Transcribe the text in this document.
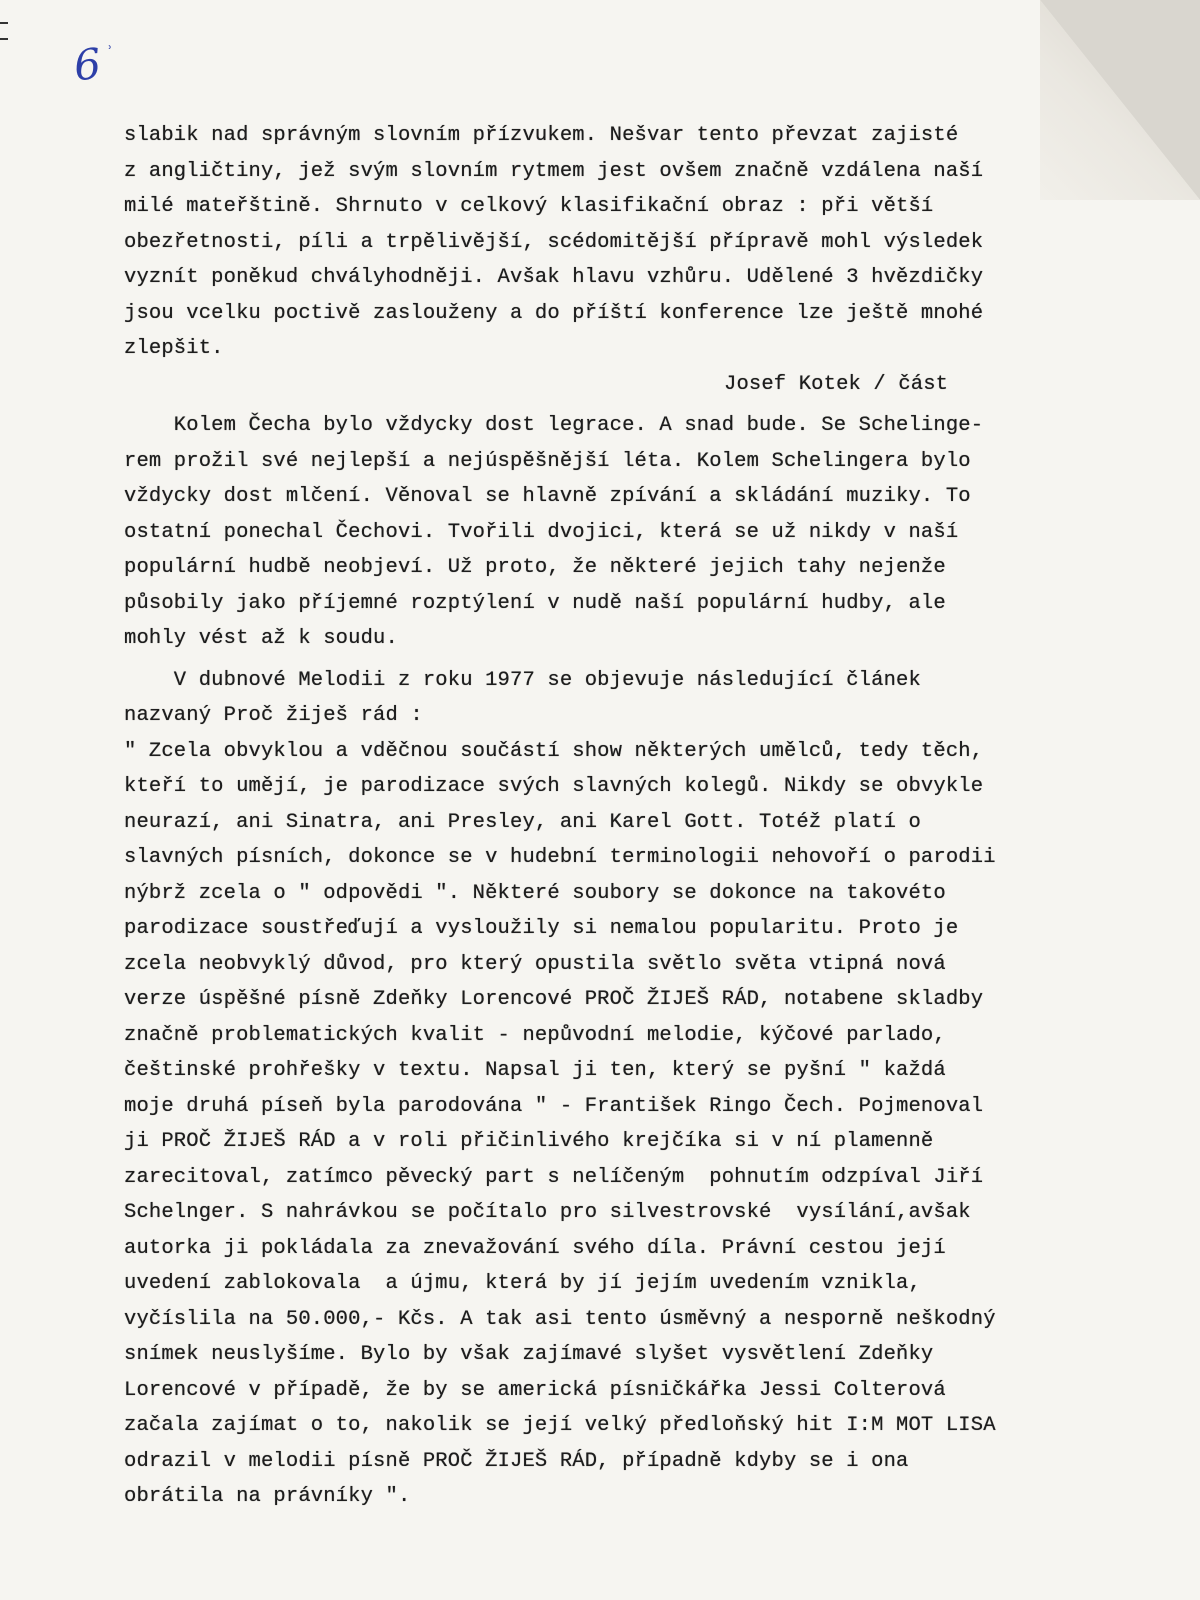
6 ʾ
slabik nad správným slovním přízvukem. Nešvar tento převzat zajisté
z angličtiny, jež svým slovním rytmem jest ovšem značně vzdálena naší
milé mateřštině. Shrnuto v celkový klasifikační obraz : při větší
obezřetnosti, píli a trpělivější, scédomitější přípravě mohl výsledek
vyznít poněkud chvályhodněji. Avšak hlavu vzhůru. Udělené 3 hvězdičky
jsou vcelku poctivě zaslouženy a do příští konference lze ještě mnohé
zlepšit.
Josef Kotek / část
Kolem Čecha bylo vždycky dost legrace. A snad bude. Se Schelinge-
rem prožil své nejlepší a nejúspěšnější léta. Kolem Schelingera bylo
vždycky dost mlčení. Věnoval se hlavně zpívání a skládání muziky. To
ostatní ponechal Čechovi. Tvořili dvojici, která se už nikdy v naší
populární hudbě neobjeví. Už proto, že některé jejich tahy nejenže
působily jako příjemné rozptýlení v nudě naší populární hudby, ale
mohly vést až k soudu.
V dubnové Melodii z roku 1977 se objevuje následující článek
nazvaný Proč žiješ rád :
" Zcela obvyklou a vděčnou součástí show některých umělců, tedy těch,
kteří to umějí, je parodizace svých slavných kolegů. Nikdy se obvykle
neurazí, ani Sinatra, ani Presley, ani Karel Gott. Totéž platí o
slavných písních, dokonce se v hudební terminologii nehovoří o parodii
nýbrž zcela o " odpovědi ". Některé soubory se dokonce na takovéto
parodizace soustřeďují a vysloužily si nemalou popularitu. Proto je
zcela neobvyklý důvod, pro který opustila světlo světa vtipná nová
verze úspěšné písně Zdeňky Lorencové PROČ ŽIJEŠ RÁD, notabene skladby
značně problematických kvalit - nepůvodní melodie, kýčové parlado,
češtinské prohřešky v textu. Napsal ji ten, který se pyšní " každá
moje druhá píseň byla parodována " - František Ringo Čech. Pojmenoval
ji PROČ ŽIJEŠ RÁD a v roli přičinlivého krejčíka si v ní plamenně
zarecitoval, zatímco pěvecký part s nelíčeným  pohnutím odzpíval Jiří
Schelnger. S nahrávkou se počítalo pro silvestrovské  vysílání,avšak
autorka ji pokládala za znevažování svého díla. Právní cestou její
uvedení zablokovala  a újmu, která by jí jejím uvedením vznikla,
vyčíslila na 50.000,- Kčs. A tak asi tento úsměvný a nesporně neškodný
snímek neuslyšíme. Bylo by však zajímavé slyšet vysvětlení Zdeňky
Lorencové v případě, že by se americká písničkářka Jessi Colterová
začala zajímat o to, nakolik se její velký předloňský hit I:M MOT LISA
odrazil v melodii písně PROČ ŽIJEŠ RÁD, případně kdyby se i ona
obrátila na právníky ".
